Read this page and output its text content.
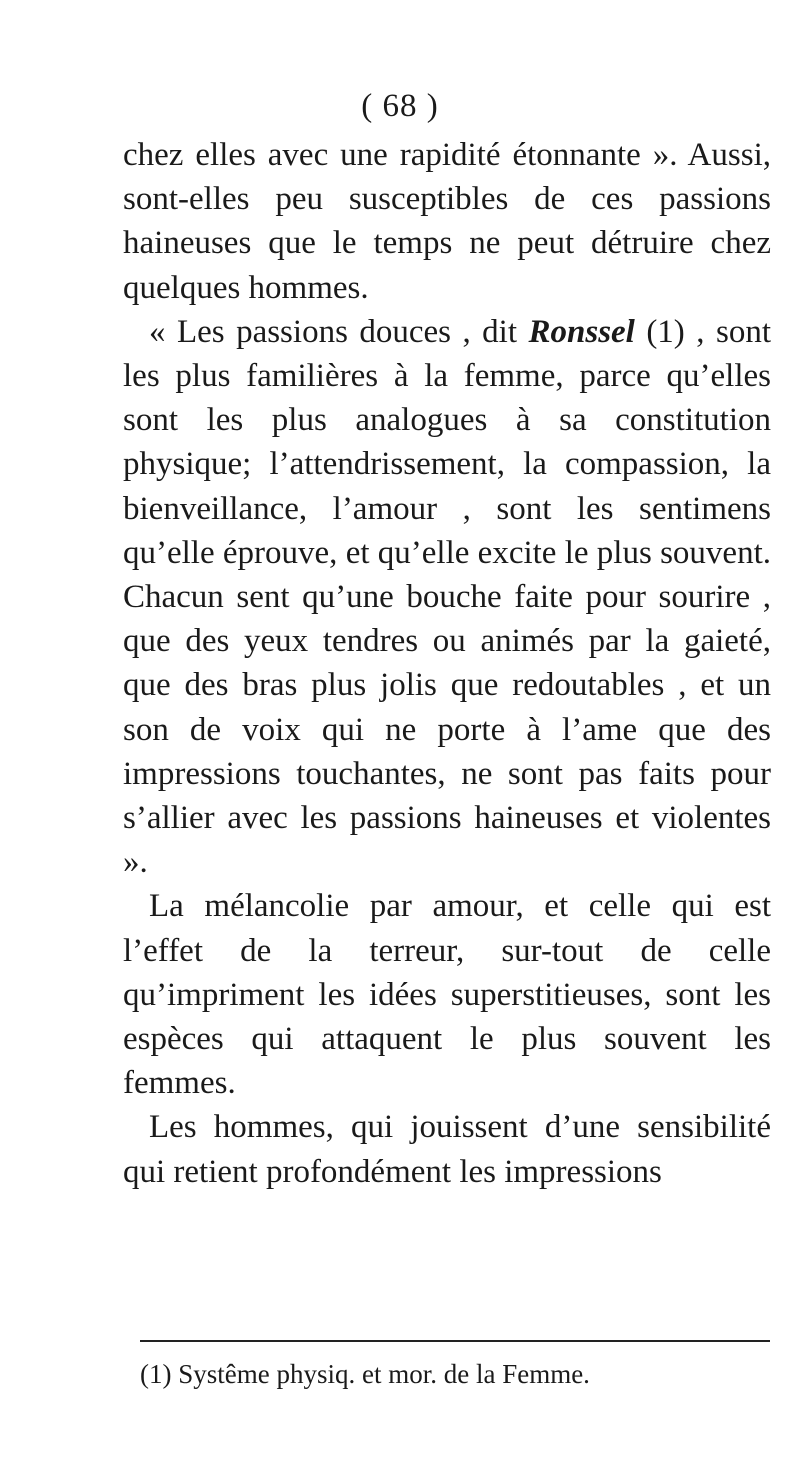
( 68 )

chez elles avec une rapidité étonnante ». Aussi, sont-elles peu susceptibles de ces passions haineuses que le temps ne peut détruire chez quelques hommes.

« Les passions douces , dit Ronssel (1) , sont les plus familières à la femme, parce qu’elles sont les plus analogues à sa constitution physique; l’attendrissement, la compassion, la bienveillance, l’amour , sont les sentimens qu’elle éprouve, et qu’elle excite le plus souvent. Chacun sent qu’une bouche faite pour sourire , que des yeux tendres ou animés par la gaieté, que des bras plus jolis que redoutables , et un son de voix qui ne porte à l’ame que des impressions touchantes, ne sont pas faits pour s’allier avec les passions haineuses et violentes ».

La mélancolie par amour, et celle qui est l’effet de la terreur, sur-tout de celle qu’impriment les idées superstitieuses, sont les espèces qui attaquent le plus souvent les femmes.

Les hommes, qui jouissent d’une sensibilité qui retient profondément les impressions

(1) Systême physiq. et mor. de la Femme.
